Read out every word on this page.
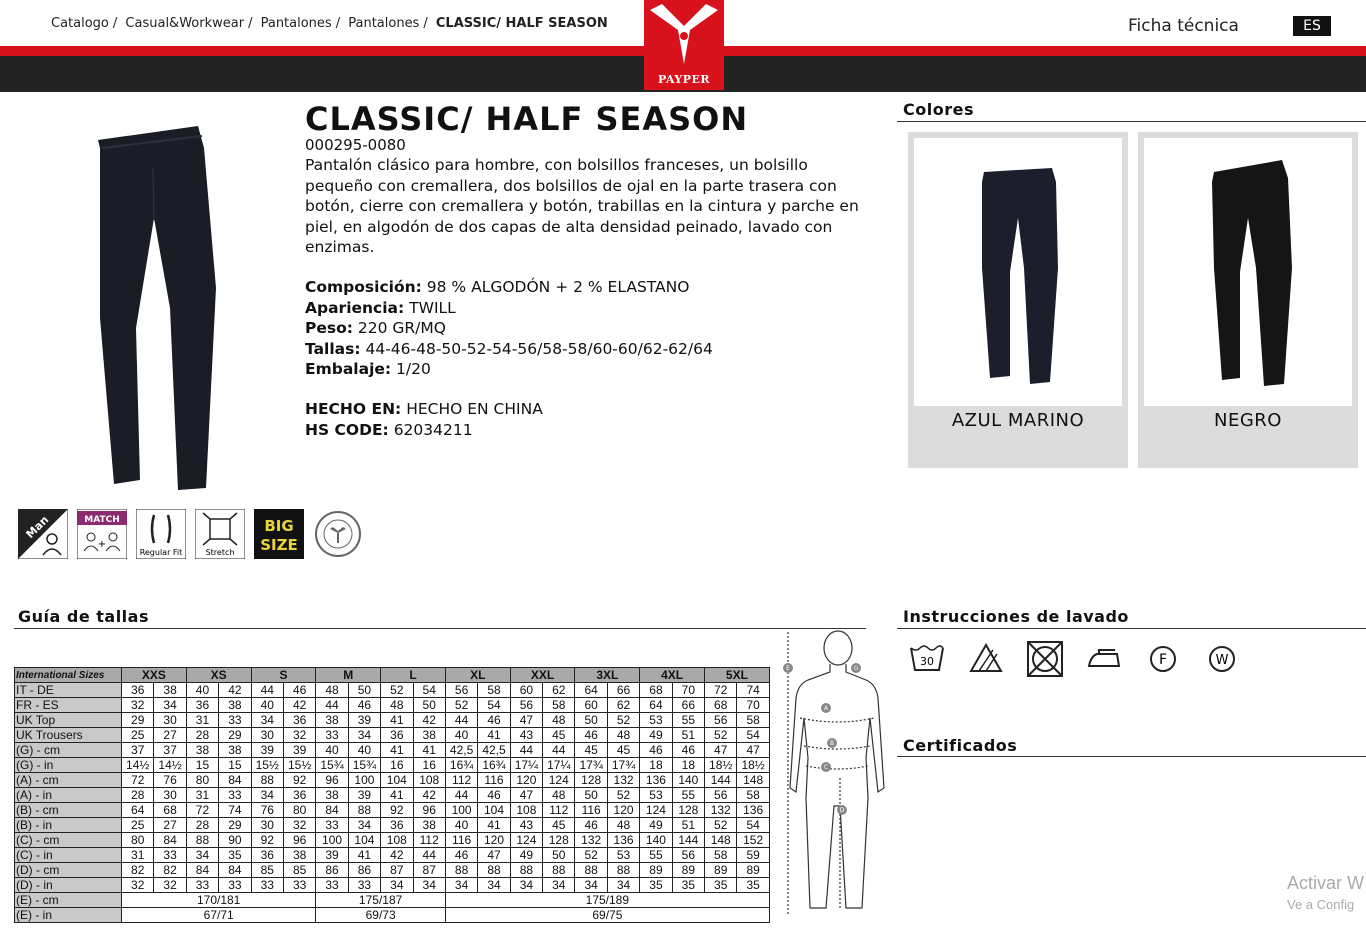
Catalogo / Casual&Workwear / Pantalones / Pantalones / CLASSIC/ HALF SEASON
PAYPER
Ficha técnica	ES
CLASSIC/ HALF SEASON
000295-0080
Pantalón clásico para hombre, con bolsillos franceses, un bolsillo pequeño con cremallera, dos bolsillos de ojal en la parte trasera con botón, cierre con cremallera y botón, trabillas en la cintura y parche en piel, en algodón de dos capas de alta densidad peinado, lavado con enzimas.
Composición: 98 % ALGODÓN + 2 % ELASTANO
Apariencia: TWILL
Peso: 220 GR/MQ
Tallas: 44-46-48-50-52-54-56/58-58/60-60/62-62/64
Embalaje: 1/20
HECHO EN: HECHO EN CHINA
HS CODE: 62034211
Man	MATCH
+
Regular Fit	Stretch
BIG
SIZE
Colores
AZUL MARINO	NEGRO
Guía de tallas
International Sizes	XXS		XS		S		M		L		XL		XXL		3XL		4XL		5XL	
IT - DE	36	38	40	42	44	46	48	50	52	54	56	58	60	62	64	66	68	70	72	74
FR - ES	32	34	36	38	40	42	44	46	48	50	52	54	56	58	60	62	64	66	68	70
UK Top	29	30	31	33	34	36	38	39	41	42	44	46	47	48	50	52	53	55	56	58
UK Trousers	25	27	28	29	30	32	33	34	36	38	40	41	43	45	46	48	49	51	52	54
(G) - cm	37	37	38	38	39	39	40	40	41	41	42,5	42,5	44	44	45	45	46	46	47	47
(G) - in	14½	14½	15	15	15½	15½	15¾	15¾	16	16	16¾	16¾	17¼	17¼	17¾	17¾	18	18	18½	18½
(A) - cm	72	76	80	84	88	92	96	100	104	108	112	116	120	124	128	132	136	140	144	148
(A) - in	28	30	31	33	34	36	38	39	41	42	44	46	47	48	50	52	53	55	56	58
(B) - cm	64	68	72	74	76	80	84	88	92	96	100	104	108	112	116	120	124	128	132	136
(B) - in	25	27	28	29	30	32	33	34	36	38	40	41	43	45	46	48	49	51	52	54
(C) - cm	80	84	88	90	92	96	100	104	108	112	116	120	124	128	132	136	140	144	148	152
(C) - in	31	33	34	35	36	38	39	41	42	44	46	47	49	50	52	53	55	56	58	59
(D) - cm	82	82	84	84	85	85	86	86	87	87	88	88	88	88	88	88	89	89	89	89
(D) - in	32	32	33	33	33	33	33	33	34	34	34	34	34	34	34	34	35	35	35	35
(E) - cm	170/181						175/187				175/189									
(E) - in	67/71						69/73				69/75									
E	G
A
B
C
D
Instrucciones de lavado
30	F	W
Certificados
Activar W
Ve a Config
